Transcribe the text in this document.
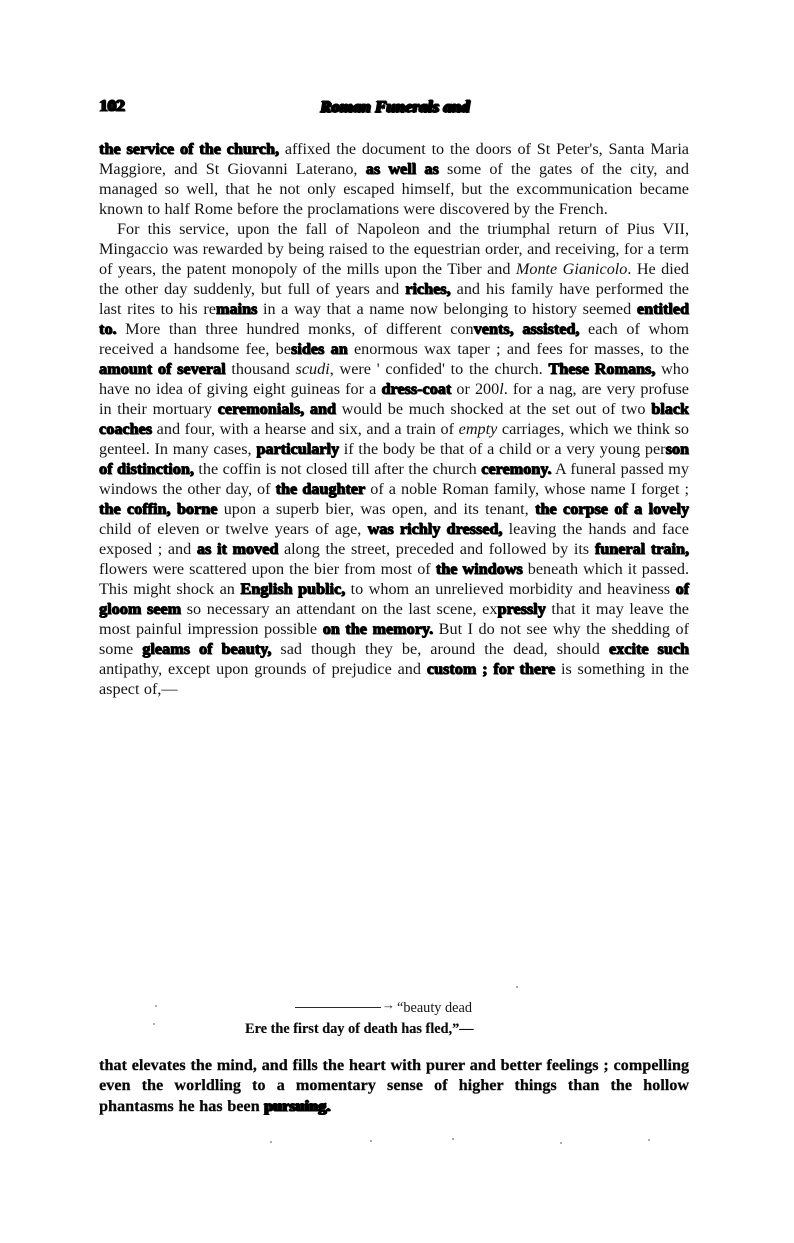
102	Roman Funerals and

the service of the church, affixed the document to the doors of St Peter's, Santa Maria Maggiore, and St Giovanni Laterano, as well as some of the gates of the city, and managed so well, that he not only escaped himself, but the excommunication became known to half Rome before the proclamations were discovered by the French.

For this service, upon the fall of Napoleon and the triumphal return of Pius VII, Mingaccio was rewarded by being raised to the equestrian order, and receiving, for a term of years, the patent monopoly of the mills upon the Tiber and Monte Gianicolo. He died the other day suddenly, but full of years and riches, and his family have performed the last rites to his remains in a way that a name now belonging to history seemed entitled to. More than three hundred monks, of different convents, assisted, each of whom received a handsome fee, besides an enormous wax taper ; and fees for masses, to the amount of several thousand scudi, were ' confided' to the church. These Romans, who have no idea of giving eight guineas for a dress-coat or 200l. for a nag, are very profuse in their mortuary ceremonials, and would be much shocked at the set out of two black coaches and four, with a hearse and six, and a train of empty carriages, which we think so genteel. In many cases, particularly if the body be that of a child or a very young person of distinction, the coffin is not closed till after the church ceremony. A funeral passed my windows the other day, of the daughter of a noble Roman family, whose name I forget ; the coffin, borne upon a superb bier, was open, and its tenant, the corpse of a lovely child of eleven or twelve years of age, was richly dressed, leaving the hands and face exposed ; and as it moved along the street, preceded and followed by its funeral train, flowers were scattered upon the bier from most of the windows beneath which it passed. This might shock an English public, to whom an unrelieved morbidity and heaviness of gloom seem so necessary an attendant on the last scene, expressly that it may leave the most painful impression possible on the memory. But I do not see why the shedding of some gleams of beauty, sad though they be, around the dead, should excite such antipathy, except upon grounds of prejudice and custom ; for there is something in the aspect of,—

→ “beauty dead
Ere the first day of death has fled,”—

that elevates the mind, and fills the heart with purer and better feelings ; compelling even the worldling to a momentary sense of higher things than the hollow phantasms he has been pursuing.
